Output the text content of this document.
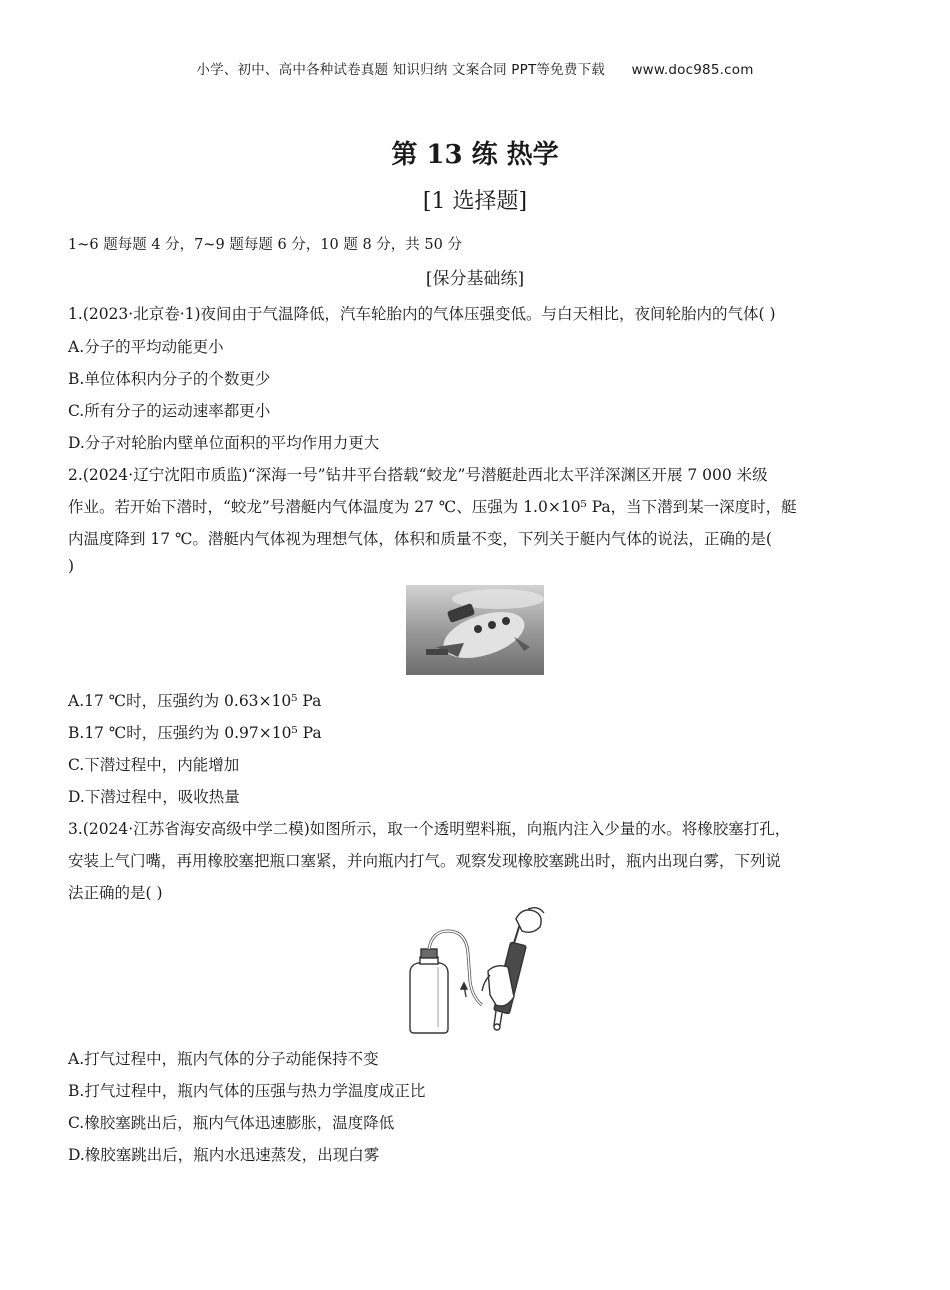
小学、初中、高中各种试卷真题 知识归纳 文案合同 PPT等免费下载 www.doc985.com
第 13 练 热学
[1 选择题]
1~6 题每题 4 分，7~9 题每题 6 分，10 题 8 分，共 50 分
[保分基础练]
1.(2023·北京卷·1)夜间由于气温降低，汽车轮胎内的气体压强变低。与白天相比，夜间轮胎内的气体( )
A.分子的平均动能更小
B.单位体积内分子的个数更少
C.所有分子的运动速率都更小
D.分子对轮胎内壁单位面积的平均作用力更大
2.(2024·辽宁沈阳市质监)“深海一号”钻井平台搭载“蛟龙”号潜艇赴西北太平洋深渊区开展 7 000 米级
作业。若开始下潜时，“蛟龙”号潜艇内气体温度为 27 ℃、压强为 1.0×10⁵ Pa，当下潜到某一深度时，艇
内温度降到 17 ℃。潜艇内气体视为理想气体，体积和质量不变，下列关于艇内气体的说法，正确的是(
)
A.17 ℃时，压强约为 0.63×10⁵ Pa
B.17 ℃时，压强约为 0.97×10⁵ Pa
C.下潜过程中，内能增加
D.下潜过程中，吸收热量
3.(2024·江苏省海安高级中学二模)如图所示，取一个透明塑料瓶，向瓶内注入少量的水。将橡胶塞打孔，
安装上气门嘴，再用橡胶塞把瓶口塞紧，并向瓶内打气。观察发现橡胶塞跳出时，瓶内出现白雾，下列说
法正确的是( )
A.打气过程中，瓶内气体的分子动能保持不变
B.打气过程中，瓶内气体的压强与热力学温度成正比
C.橡胶塞跳出后，瓶内气体迅速膨胀，温度降低
D.橡胶塞跳出后，瓶内水迅速蒸发，出现白雾
